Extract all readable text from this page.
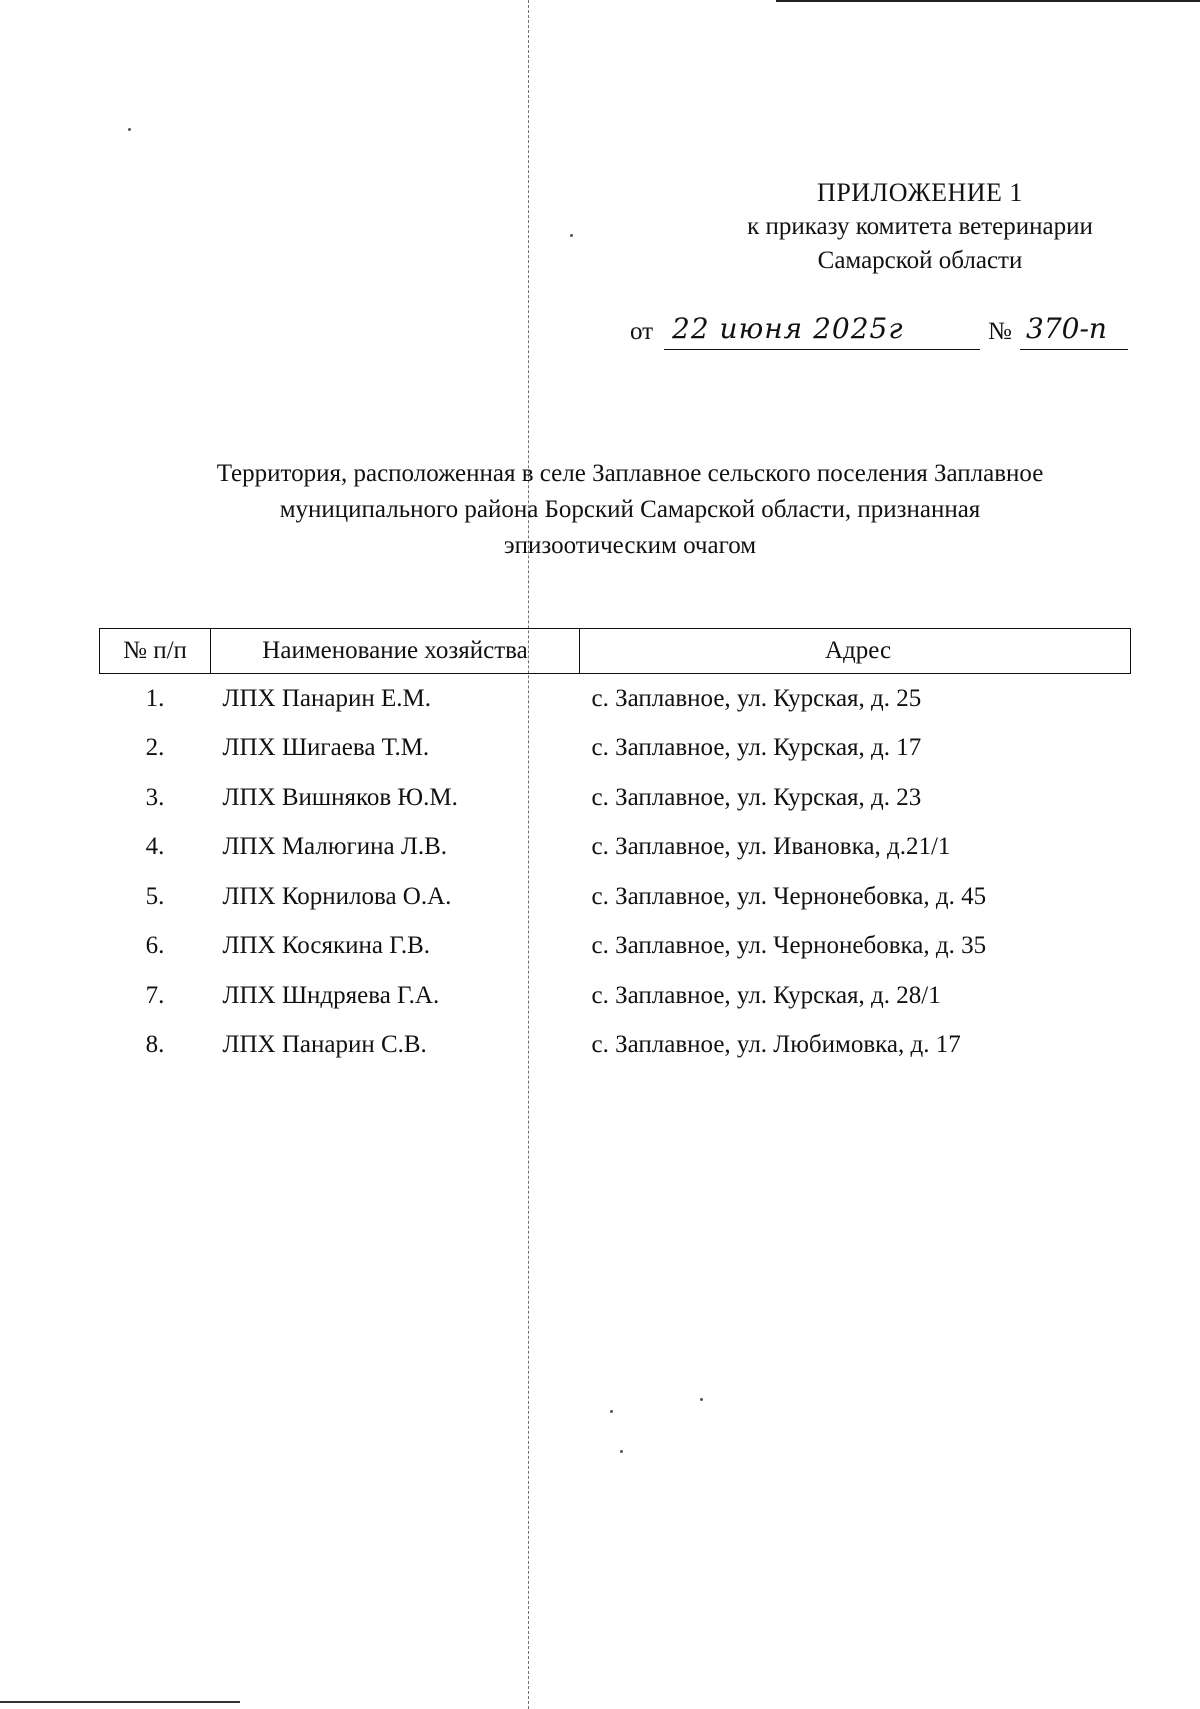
ПРИЛОЖЕНИЕ 1
к приказу комитета ветеринарии
Самарской области
от 22 июня 2025г	№ 370-п
Территория, расположенная в селе Заплавное сельского поселения Заплавное
муниципального района Борский Самарской области, признанная
эпизоотическим очагом
№ п/п	Наименование хозяйства	Адрес
1.	ЛПХ Панарин Е.М.	с. Заплавное, ул. Курская, д. 25
2.	ЛПХ Шигаева Т.М.	с. Заплавное, ул. Курская, д. 17
3.	ЛПХ Вишняков Ю.М.	с. Заплавное, ул. Курская, д. 23
4.	ЛПХ Малюгина Л.В.	с. Заплавное, ул. Ивановка, д.21/1
5.	ЛПХ Корнилова О.А.	с. Заплавное, ул. Чернонебовка, д. 45
6.	ЛПХ Косякина Г.В.	с. Заплавное, ул. Чернонебовка, д. 35
7.	ЛПХ Шндряева Г.А.	с. Заплавное, ул. Курская, д. 28/1
8.	ЛПХ Панарин С.В.	с. Заплавное, ул. Любимовка, д. 17
